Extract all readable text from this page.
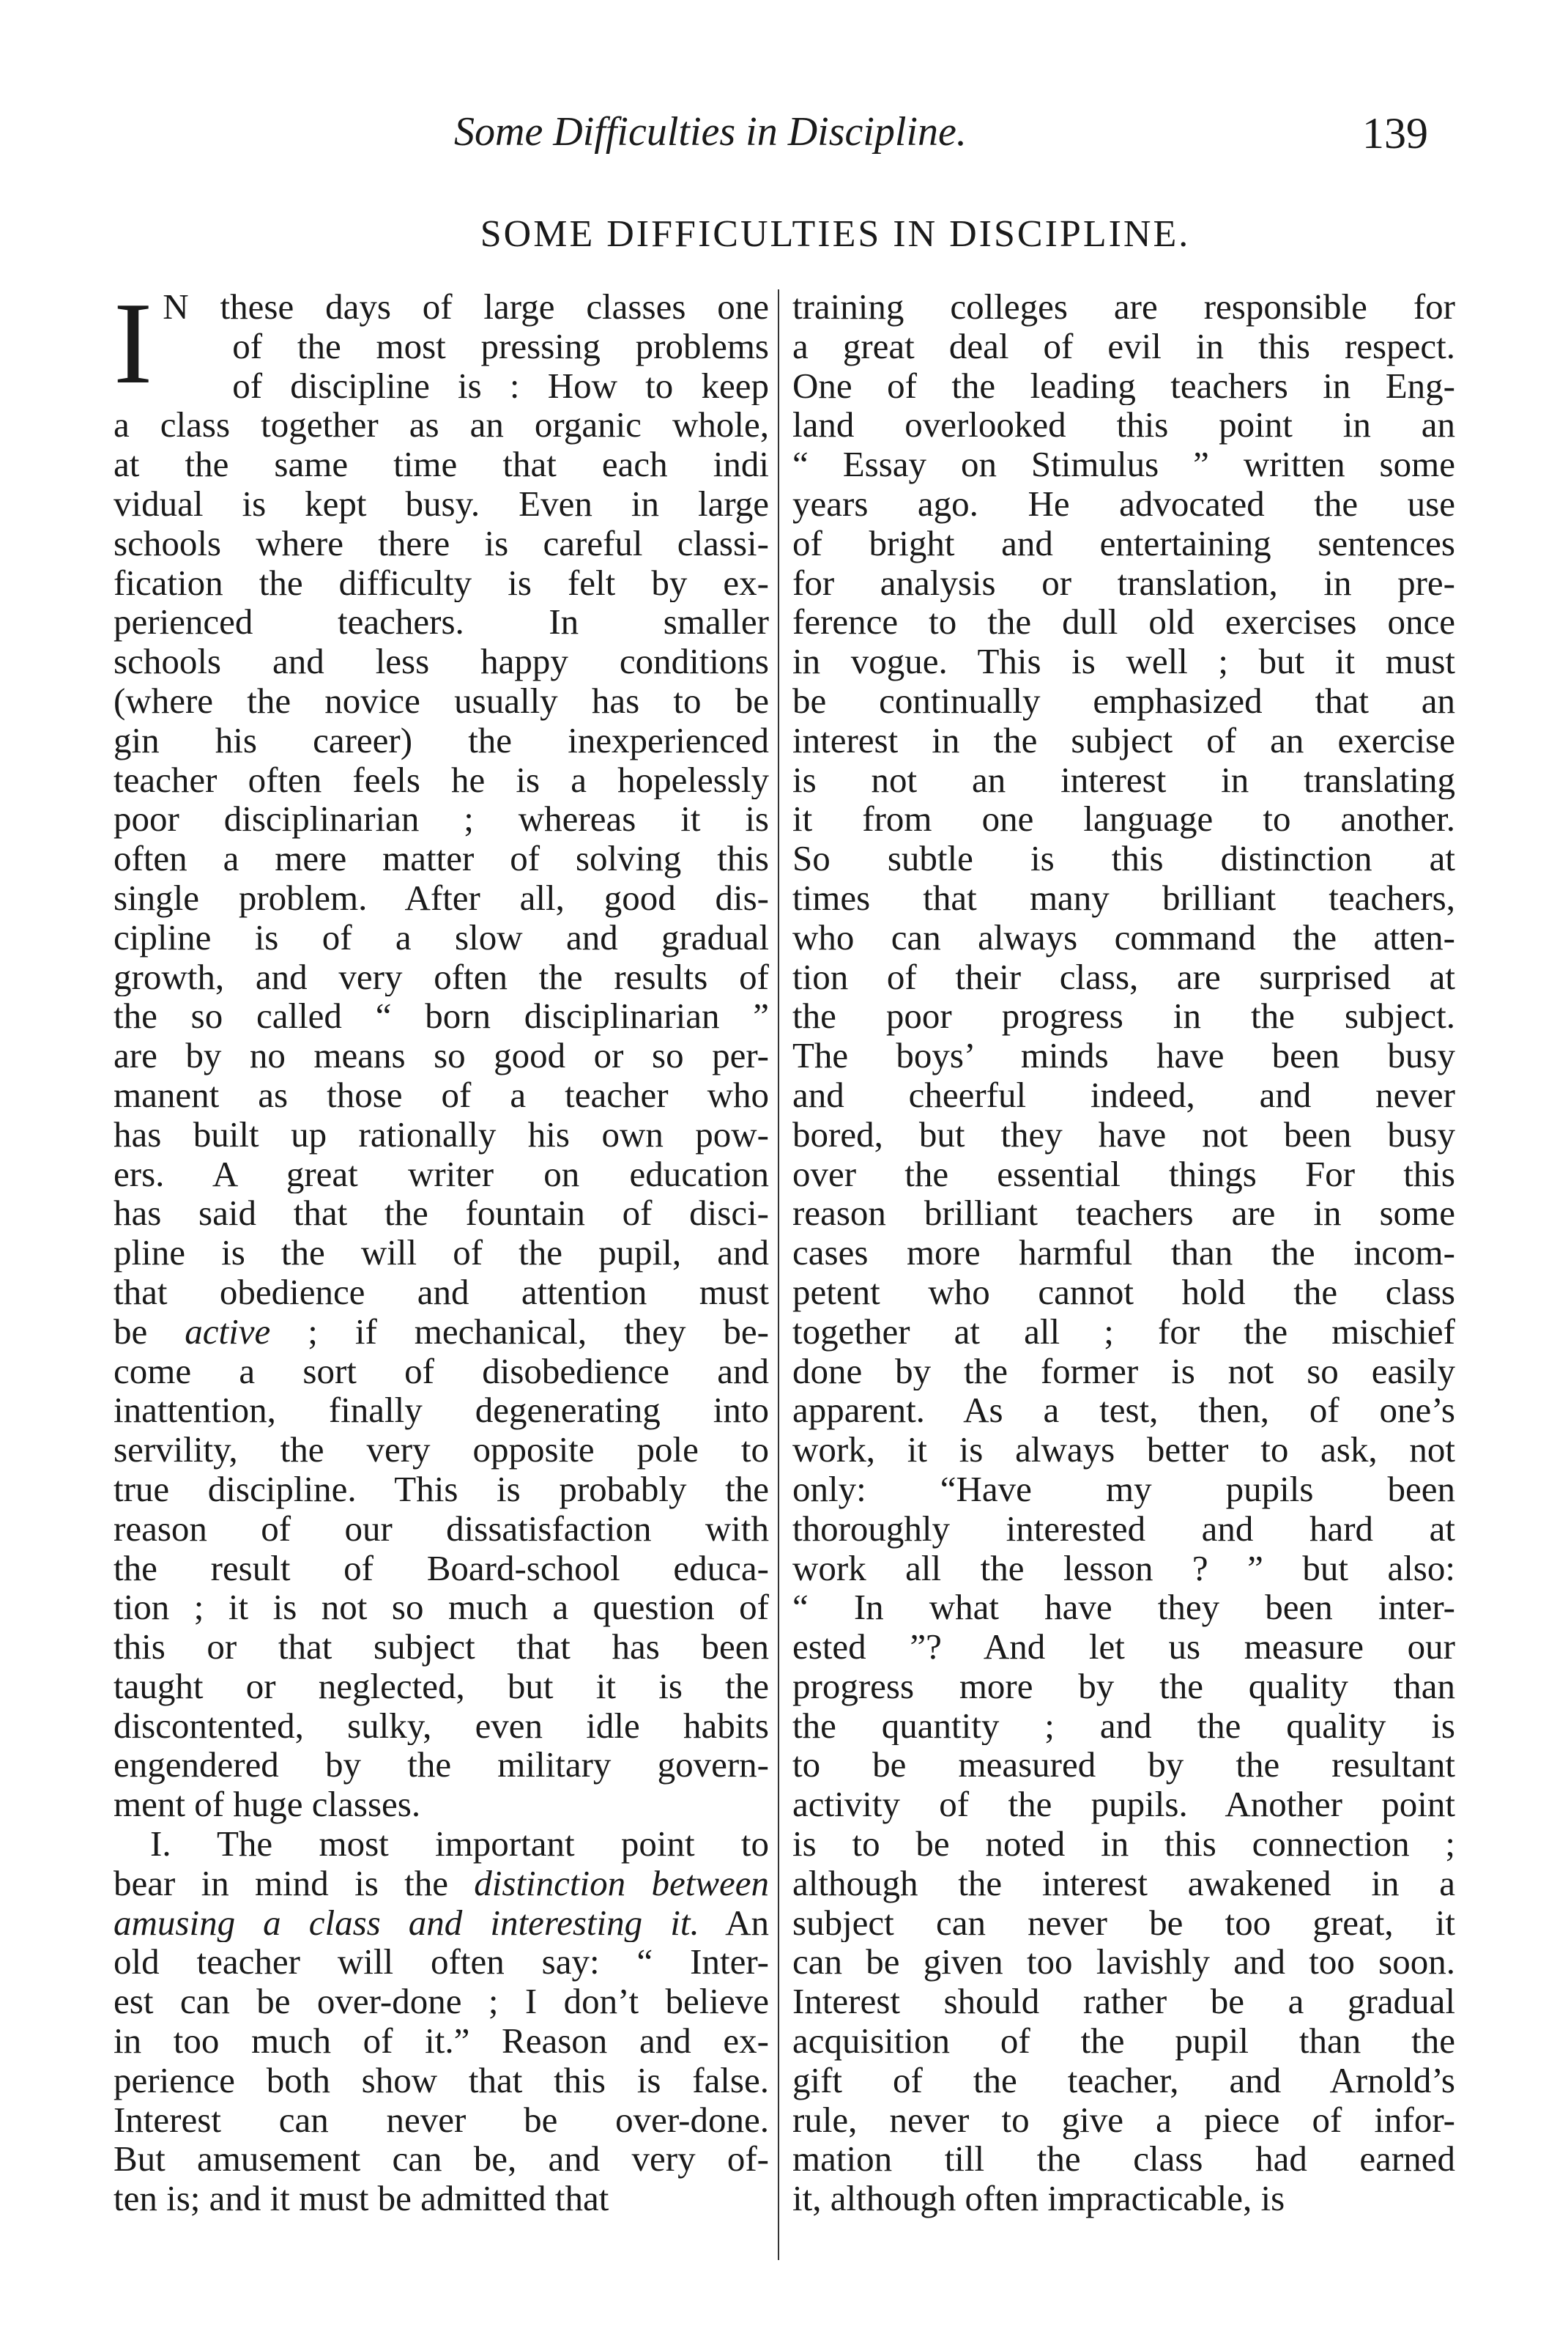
Some Difficulties in Discipline.	139
SOME DIFFICULTIES IN DISCIPLINE.
I N these days of large classes one
of the most pressing problems
of discipline is : How to keep
a class together as an organic whole,
at the same time that each indi
vidual is kept busy. Even in large
schools where there is careful classi-
fication the difficulty is felt by ex-
perienced teachers. In smaller
schools and less happy conditions
(where the novice usually has to be
gin his career) the inexperienced
teacher often feels he is a hopelessly
poor disciplinarian ; whereas it is
often a mere matter of solving this
single problem. After all, good dis-
cipline is of a slow and gradual
growth, and very often the results of
the so called “ born disciplinarian ”
are by no means so good or so per-
manent as those of a teacher who
has built up rationally his own pow-
ers. A great writer on education
has said that the fountain of disci-
pline is the will of the pupil, and
that obedience and attention must
be active ; if mechanical, they be-
come a sort of disobedience and
inattention, finally degenerating into
servility, the very opposite pole to
true discipline. This is probably the
reason of our dissatisfaction with
the result of Board-school educa-
tion ; it is not so much a question of
this or that subject that has been
taught or neglected, but it is the
discontented, sulky, even idle habits
engendered by the military govern-
ment of huge classes.
I. The most important point to
bear in mind is the distinction between
amusing a class and interesting it. An
old teacher will often say: “ Inter-
est can be over-done ; I don’t believe
in too much of it.” Reason and ex-
perience both show that this is false.
Interest can never be over-done.
But amusement can be, and very of-
ten is; and it must be admitted that
training colleges are responsible for
a great deal of evil in this respect.
One of the leading teachers in Eng-
land overlooked this point in an
“ Essay on Stimulus ” written some
years ago. He advocated the use
of bright and entertaining sentences
for analysis or translation, in pre-
ference to the dull old exercises once
in vogue. This is well ; but it must
be continually emphasized that an
interest in the subject of an exercise
is not an interest in translating
it from one language to another.
So subtle is this distinction at
times that many brilliant teachers,
who can always command the atten-
tion of their class, are surprised at
the poor progress in the subject.
The boys’ minds have been busy
and cheerful indeed, and never
bored, but they have not been busy
over the essential things For this
reason brilliant teachers are in some
cases more harmful than the incom-
petent who cannot hold the class
together at all ; for the mischief
done by the former is not so easily
apparent. As a test, then, of one’s
work, it is always better to ask, not
only: “Have my pupils been
thoroughly interested and hard at
work all the lesson ? ” but also:
“ In what have they been inter-
ested ”? And let us measure our
progress more by the quality than
the quantity ; and the quality is
to be measured by the resultant
activity of the pupils. Another point
is to be noted in this connection ;
although the interest awakened in a
subject can never be too great, it
can be given too lavishly and too soon.
Interest should rather be a gradual
acquisition of the pupil than the
gift of the teacher, and Arnold’s
rule, never to give a piece of infor-
mation till the class had earned
it, although often impracticable, is
